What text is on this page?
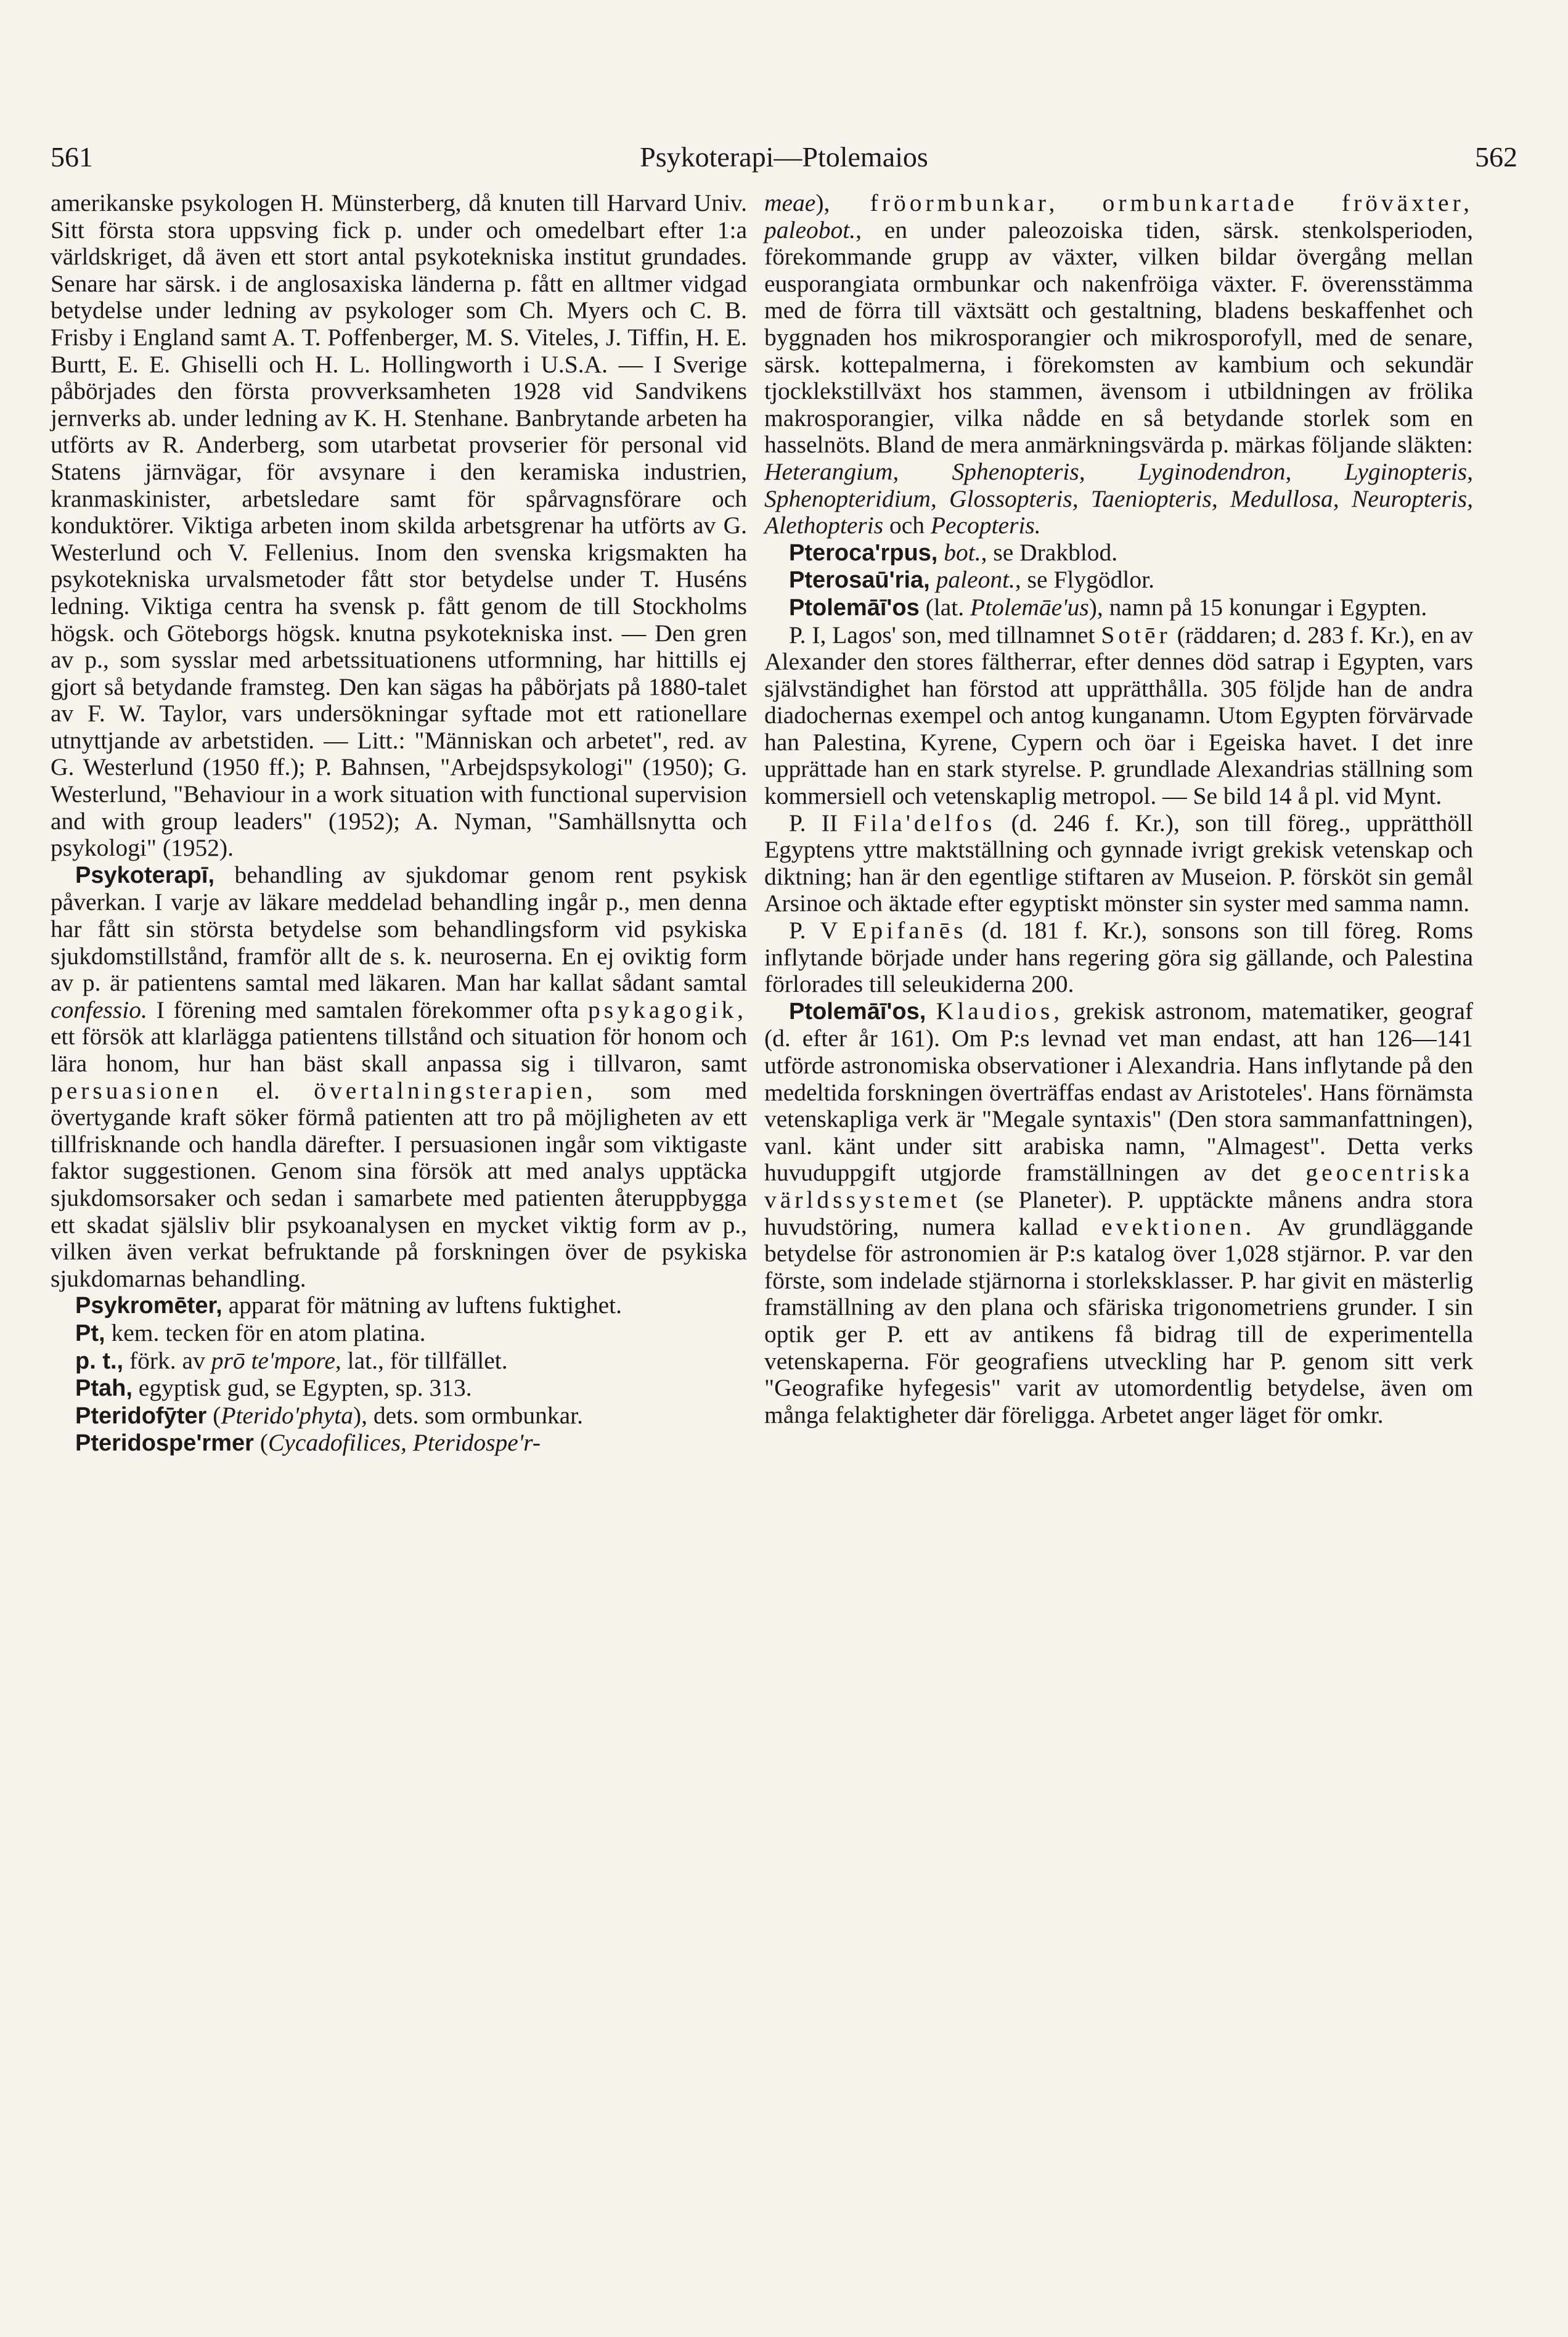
561	Psykoterapi—Ptolemaios	562

amerikanske psykologen H. Münsterberg, då knuten till Harvard Univ. Sitt första stora uppsving fick p. under och omedelbart efter 1:a världskriget, då även ett stort antal psykotekniska institut grundades. Senare har särsk. i de anglosaxiska länderna p. fått en alltmer vidgad betydelse under ledning av psykologer som Ch. Myers och C. B. Frisby i England samt A. T. Poffenberger, M. S. Viteles, J. Tiffin, H. E. Burtt, E. E. Ghiselli och H. L. Hollingworth i U.S.A. — I Sverige påbörjades den första provverksamheten 1928 vid Sandvikens jernverks ab. under ledning av K. H. Stenhane. Banbrytande arbeten ha utförts av R. Anderberg, som utarbetat provserier för personal vid Statens järnvägar, för avsynare i den keramiska industrien, kranmaskinister, arbetsledare samt för spårvagnsförare och konduktörer. Viktiga arbeten inom skilda arbetsgrenar ha utförts av G. Westerlund och V. Fellenius. Inom den svenska krigsmakten ha psykotekniska urvalsmetoder fått stor betydelse under T. Huséns ledning. Viktiga centra ha svensk p. fått genom de till Stockholms högsk. och Göteborgs högsk. knutna psykotekniska inst. — Den gren av p., som sysslar med arbetssituationens utformning, har hittills ej gjort så betydande framsteg. Den kan sägas ha påbörjats på 1880-talet av F. W. Taylor, vars undersökningar syftade mot ett rationellare utnyttjande av arbetstiden. — Litt.: "Människan och arbetet", red. av G. Westerlund (1950 ff.); P. Bahnsen, "Arbejdspsykologi" (1950); G. Westerlund, "Behaviour in a work situation with functional supervision and with group leaders" (1952); A. Nyman, "Samhällsnytta och psykologi" (1952).

Psykoterapī, behandling av sjukdomar genom rent psykisk påverkan. I varje av läkare meddelad behandling ingår p., men denna har fått sin största betydelse som behandlingsform vid psykiska sjukdomstillstånd, framför allt de s. k. neuroserna. En ej oviktig form av p. är patientens samtal med läkaren. Man har kallat sådant samtal confessio. I förening med samtalen förekommer ofta psykagogik, ett försök att klarlägga patientens tillstånd och situation för honom och lära honom, hur han bäst skall anpassa sig i tillvaron, samt persuasionen el. övertalningsterapien, som med övertygande kraft söker förmå patienten att tro på möjligheten av ett tillfrisknande och handla därefter. I persuasionen ingår som viktigaste faktor suggestionen. Genom sina försök att med analys upptäcka sjukdomsorsaker och sedan i samarbete med patienten återuppbygga ett skadat själsliv blir psykoanalysen en mycket viktig form av p., vilken även verkat befruktande på forskningen över de psykiska sjukdomarnas behandling.

Psykromēter, apparat för mätning av luftens fuktighet.

Pt, kem. tecken för en atom platina.

p. t., förk. av prō te'mpore, lat., för tillfället.

Ptah, egyptisk gud, se Egypten, sp. 313.

Pteridofȳter (Pterido'phyta), dets. som ormbunkar.

Pteridospe'rmer (Cycadofilices, Pteridospe'r-

meae), fröormbunkar, ormbunkartade fröväxter, paleobot., en under paleozoiska tiden, särsk. stenkolsperioden, förekommande grupp av växter, vilken bildar övergång mellan eusporangiata ormbunkar och nakenfröiga växter. F. överensstämma med de förra till växtsätt och gestaltning, bladens beskaffenhet och byggnaden hos mikrosporangier och mikrosporofyll, med de senare, särsk. kottepalmerna, i förekomsten av kambium och sekundär tjocklekstillväxt hos stammen, ävensom i utbildningen av frölika makrosporangier, vilka nådde en så betydande storlek som en hasselnöts. Bland de mera anmärkningsvärda p. märkas följande släkten: Heterangium, Sphenopteris, Lyginodendron, Lyginopteris, Sphenopteridium, Glossopteris, Taeniopteris, Medullosa, Neuropteris, Alethopteris och Pecopteris.

Pteroca'rpus, bot., se Drakblod.

Pterosaū'ria, paleont., se Flygödlor.

Ptolemāī'os (lat. Ptolemāe'us), namn på 15 konungar i Egypten.

P. I, Lagos' son, med tillnamnet Sotēr (räddaren; d. 283 f. Kr.), en av Alexander den stores fältherrar, efter dennes död satrap i Egypten, vars självständighet han förstod att upprätthålla. 305 följde han de andra diadochernas exempel och antog kunganamn. Utom Egypten förvärvade han Palestina, Kyrene, Cypern och öar i Egeiska havet. I det inre upprättade han en stark styrelse. P. grundlade Alexandrias ställning som kommersiell och vetenskaplig metropol. — Se bild 14 å pl. vid Mynt.

P. II Fila'delfos (d. 246 f. Kr.), son till föreg., upprätthöll Egyptens yttre maktställning och gynnade ivrigt grekisk vetenskap och diktning; han är den egentlige stiftaren av Museion. P. försköt sin gemål Arsinoe och äktade efter egyptiskt mönster sin syster med samma namn.

P. V Epifanēs (d. 181 f. Kr.), sonsons son till föreg. Roms inflytande började under hans regering göra sig gällande, och Palestina förlorades till seleukiderna 200.

Ptolemāī'os, Klaudios, grekisk astronom, matematiker, geograf (d. efter år 161). Om P:s levnad vet man endast, att han 126—141 utförde astronomiska observationer i Alexandria. Hans inflytande på den medeltida forskningen överträffas endast av Aristoteles'. Hans förnämsta vetenskapliga verk är "Megale syntaxis" (Den stora sammanfattningen), vanl. känt under sitt arabiska namn, "Almagest". Detta verks huvuduppgift utgjorde framställningen av det geocentriska världssystemet (se Planeter). P. upptäckte månens andra stora huvudstöring, numera kallad evektionen. Av grundläggande betydelse för astronomien är P:s katalog över 1,028 stjärnor. P. var den förste, som indelade stjärnorna i storleksklasser. P. har givit en mästerlig framställning av den plana och sfäriska trigonometriens grunder. I sin optik ger P. ett av antikens få bidrag till de experimentella vetenskaperna. För geografiens utveckling har P. genom sitt verk "Geografike hyfegesis" varit av utomordentlig betydelse, även om många felaktigheter där föreligga. Arbetet anger läget för omkr.
